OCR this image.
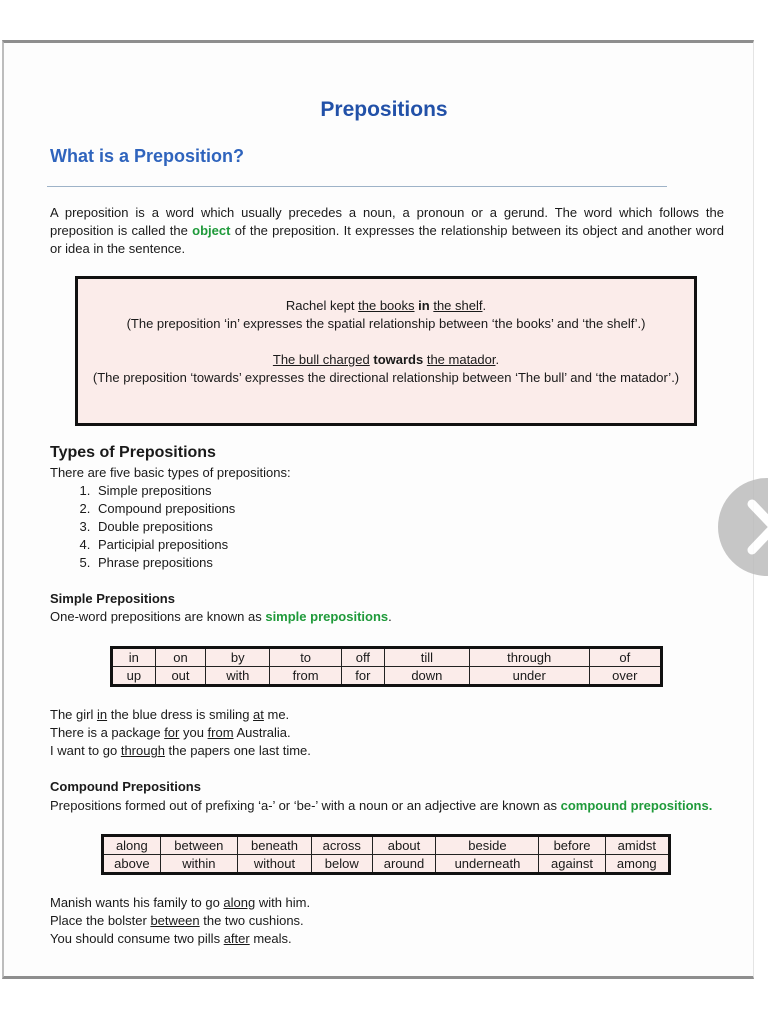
Prepositions
What is a Preposition?
A preposition is a word which usually precedes a noun, a pronoun or a gerund. The word which follows the preposition is called the object of the preposition. It expresses the relationship between its object and another word or idea in the sentence.
Rachel kept the books in the shelf.
(The preposition ‘in’ expresses the spatial relationship between ‘the books’ and ‘the shelf’.)
The bull charged towards the matador.
(The preposition ‘towards’ expresses the directional relationship between ‘The bull’ and ‘the matador’.)
Types of Prepositions
There are five basic types of prepositions:
1. Simple prepositions
2. Compound prepositions
3. Double prepositions
4. Participial prepositions
5. Phrase prepositions
Simple Prepositions
One-word prepositions are known as simple prepositions.
in	on	by	to	off	till	through	of
up	out	with	from	for	down	under	over
The girl in the blue dress is smiling at me.
There is a package for you from Australia.
I want to go through the papers one last time.
Compound Prepositions
Prepositions formed out of prefixing ‘a-’ or ‘be-’ with a noun or an adjective are known as compound prepositions.
along	between	beneath	across	about	beside	before	amidst
above	within	without	below	around	underneath	against	among
Manish wants his family to go along with him.
Place the bolster between the two cushions.
You should consume two pills after meals.
